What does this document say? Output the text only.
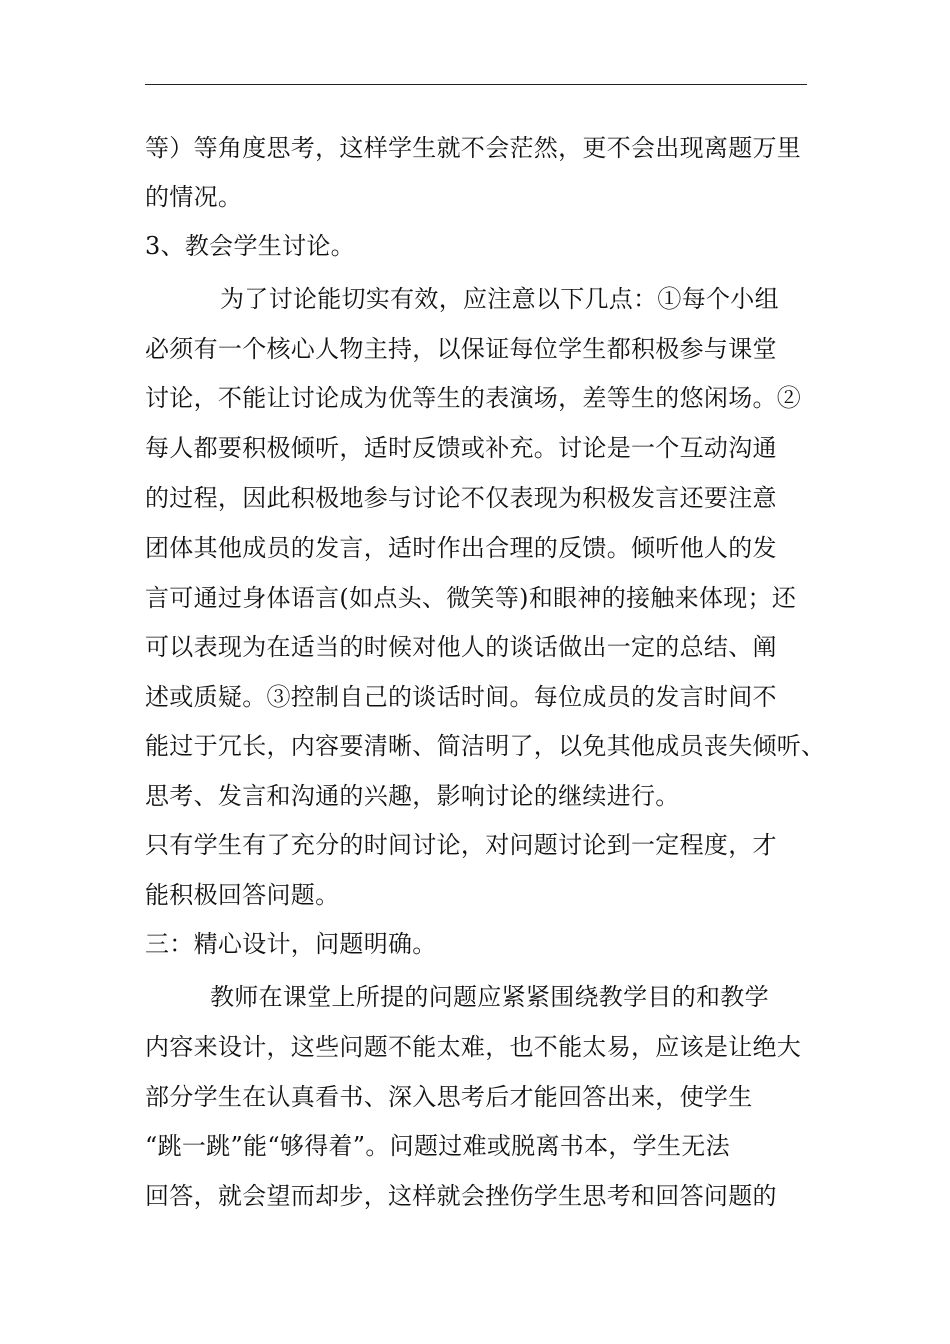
等）等角度思考，这样学生就不会茫然，更不会出现离题万里
的情况。
3、教会学生讨论。
为了讨论能切实有效，应注意以下几点：①每个小组
必须有一个核心人物主持，以保证每位学生都积极参与课堂
讨论，不能让讨论成为优等生的表演场，差等生的悠闲场。②
每人都要积极倾听，适时反馈或补充。讨论是一个互动沟通
的过程，因此积极地参与讨论不仅表现为积极发言还要注意
团体其他成员的发言，适时作出合理的反馈。倾听他人的发
言可通过身体语言(如点头、微笑等)和眼神的接触来体现；还
可以表现为在适当的时候对他人的谈话做出一定的总结、阐
述或质疑。③控制自己的谈话时间。每位成员的发言时间不
能过于冗长，内容要清晰、简洁明了，以免其他成员丧失倾听、
思考、发言和沟通的兴趣，影响讨论的继续进行。
只有学生有了充分的时间讨论，对问题讨论到一定程度，才
能积极回答问题。
三：精心设计，问题明确。
教师在课堂上所提的问题应紧紧围绕教学目的和教学
内容来设计，这些问题不能太难，也不能太易，应该是让绝大
部分学生在认真看书、深入思考后才能回答出来，使学生
“跳一跳”能“够得着”。问题过难或脱离书本，学生无法
回答，就会望而却步，这样就会挫伤学生思考和回答问题的
